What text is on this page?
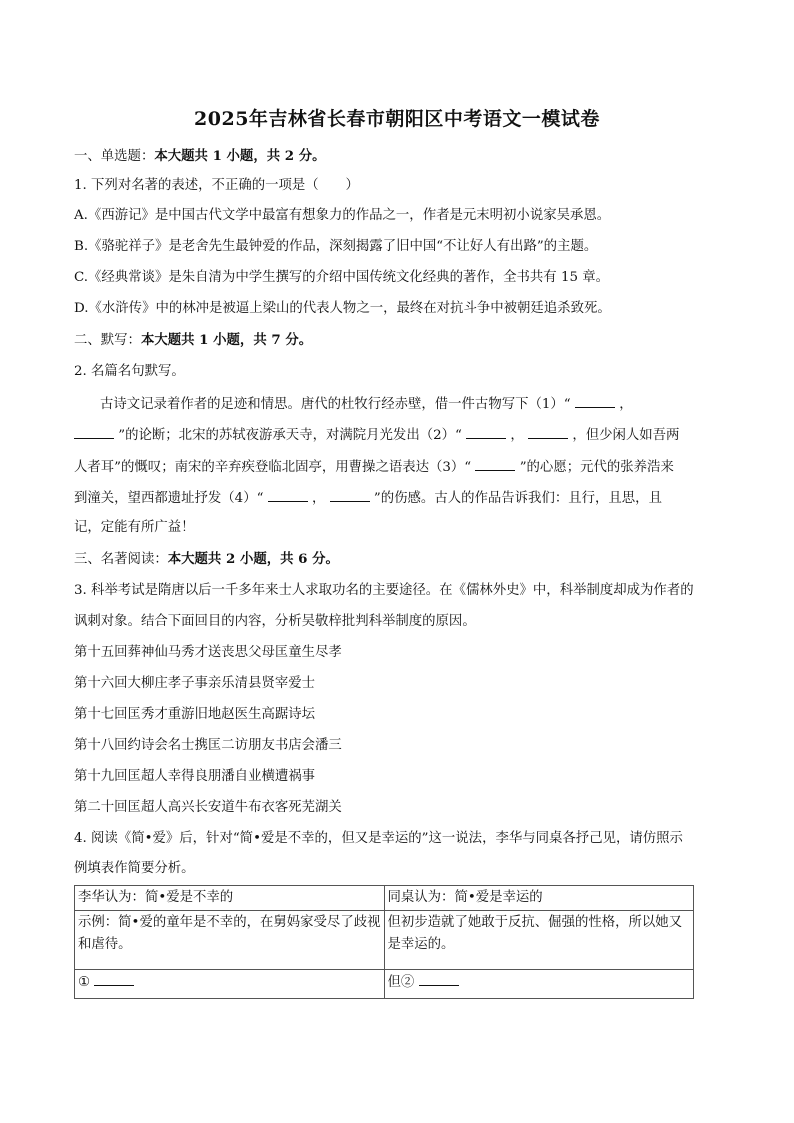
2025年吉林省长春市朝阳区中考语文一模试卷
一、单选题：本大题共 1 小题，共 2 分。
1. 下列对名著的表述，不正确的一项是（　　）
A.《西游记》是中国古代文学中最富有想象力的作品之一，作者是元末明初小说家吴承恩。
B.《骆驼祥子》是老舍先生最钟爱的作品，深刻揭露了旧中国“不让好人有出路”的主题。
C.《经典常谈》是朱自清为中学生撰写的介绍中国传统文化经典的著作，全书共有 15 章。
D.《水浒传》中的林冲是被逼上梁山的代表人物之一，最终在对抗斗争中被朝廷追杀致死。
二、默写：本大题共 1 小题，共 7 分。
2. 名篇名句默写。
古诗文记录着作者的足迹和情思。唐代的杜牧行经赤壁，借一件古物写下（1）“	，
”的论断；北宋的苏轼夜游承天寺，对满院月光发出（2）“	，	，但少闲人如吾两
人者耳”的慨叹；南宋的辛弃疾登临北固亭，用曹操之语表达（3）“	”的心愿；元代的张养浩来
到潼关，望西都遗址抒发（4）“	，	”的伤感。古人的作品告诉我们：且行，且思，且
记，定能有所广益！
三、名著阅读：本大题共 2 小题，共 6 分。
3. 科举考试是隋唐以后一千多年来士人求取功名的主要途径。在《儒林外史》中，科举制度却成为作者的
讽刺对象。结合下面回目的内容，分析吴敬梓批判科举制度的原因。
第十五回葬神仙马秀才送丧思父母匡童生尽孝
第十六回大柳庄孝子事亲乐清县贤宰爱士
第十七回匡秀才重游旧地赵医生高踞诗坛
第十八回约诗会名士携匡二访朋友书店会潘三
第十九回匡超人幸得良朋潘自业横遭祸事
第二十回匡超人高兴长安道牛布衣客死芜湖关
4. 阅读《简•爱》后，针对“简•爱是不幸的，但又是幸运的”这一说法，李华与同桌各抒己见，请仿照示
例填表作简要分析。
李华认为：简•爱是不幸的	同桌认为：简•爱是幸运的
示例：简•爱的童年是不幸的，在舅妈家受尽了歧视和虐待。	但初步造就了她敢于反抗、倔强的性格，所以她又是幸运的。
①	但②
